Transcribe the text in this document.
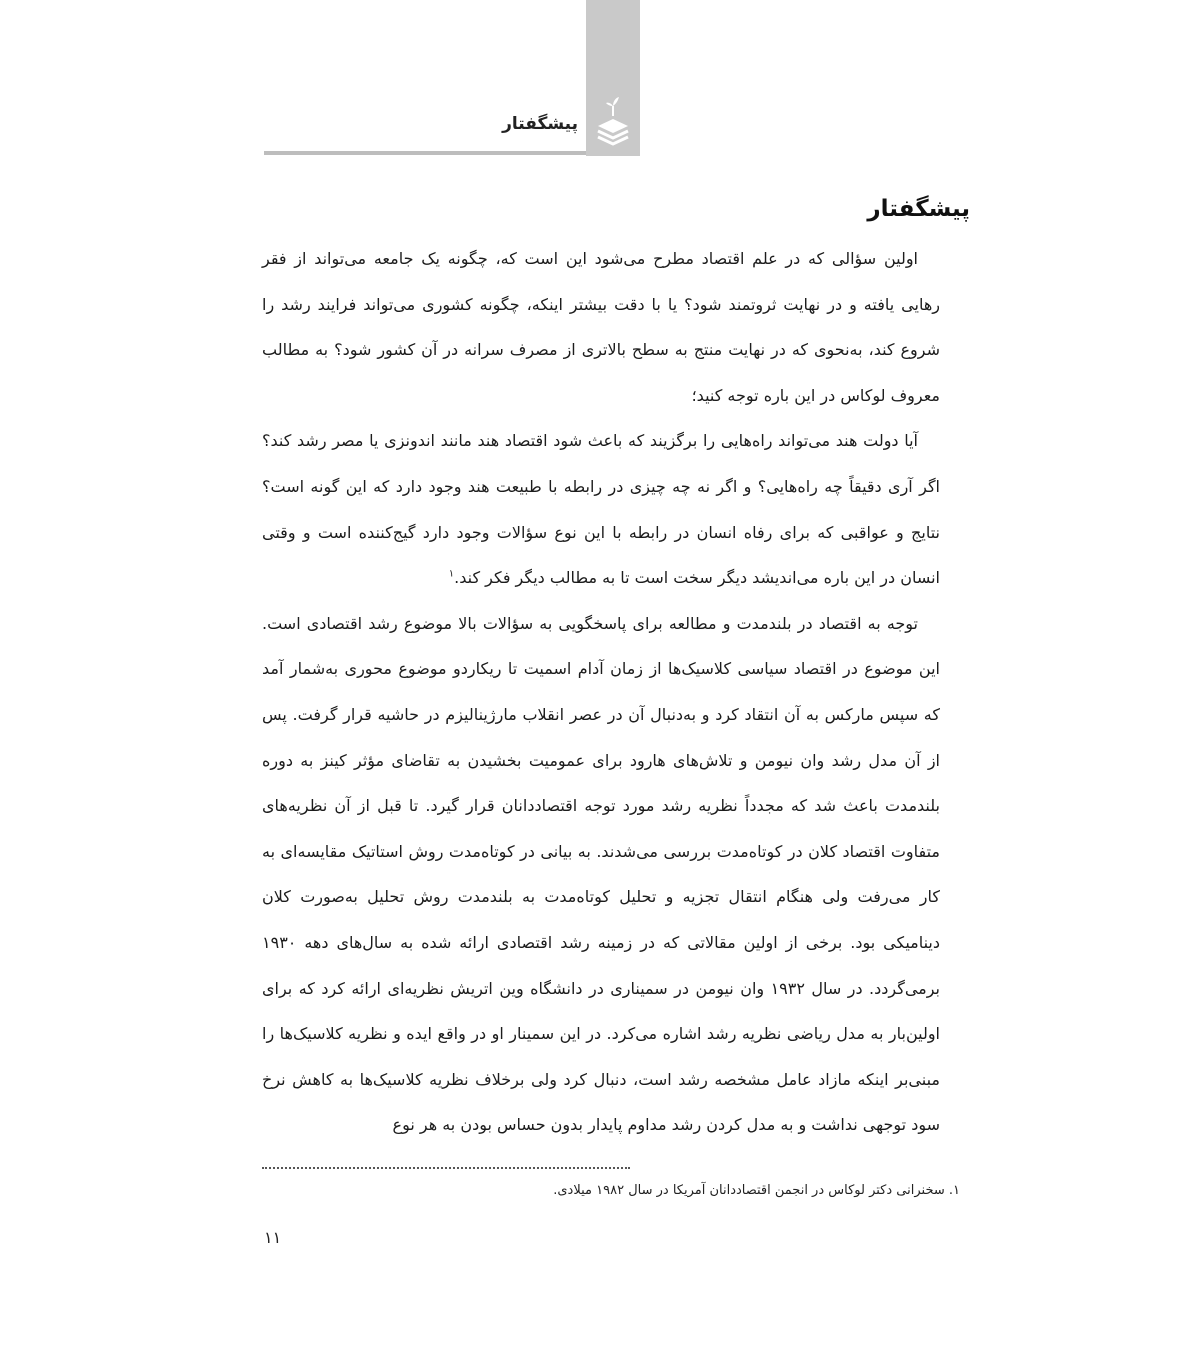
پیشگفتار
پیشگفتار

اولین سؤالی که در علم اقتصاد مطرح می‌شود این است که، چگونه یک جامعه می‌تواند از فقر رهایی یافته و در نهایت ثروتمند شود؟ یا با دقت بیشتر اینکه، چگونه کشوری می‌تواند فرایند رشد را شروع کند، به‌نحوی که در نهایت منتج به سطح بالاتری از مصرف سرانه در آن کشور شود؟ به مطالب معروف لوکاس در این باره توجه کنید؛

آیا دولت هند می‌تواند راه‌هایی را برگزیند که باعث شود اقتصاد هند مانند اندونزی یا مصر رشد کند؟ اگر آری دقیقاً چه راه‌هایی؟ و اگر نه چه چیزی در رابطه با طبیعت هند وجود دارد که این گونه است؟ نتایج و عواقبی که برای رفاه انسان در رابطه با این نوع سؤالات وجود دارد گیج‌کننده است و وقتی انسان در این باره می‌اندیشد دیگر سخت است تا به مطالب دیگر فکر کند.$^۱$

توجه به اقتصاد در بلندمدت و مطالعه برای پاسخگویی به سؤالات بالا موضوع رشد اقتصادی است. این موضوع در اقتصاد سیاسی کلاسیک‌ها از زمان آدام اسمیت تا ریکاردو موضوع محوری به‌شمار آمد که سپس مارکس به آن انتقاد کرد و به‌دنبال آن در عصر انقلاب مارژینالیزم در حاشیه قرار گرفت. پس از آن مدل رشد وان نیومن و تلاش‌های هارود برای عمومیت بخشیدن به تقاضای مؤثر کینز به دوره بلندمدت باعث شد که مجدداً نظریه رشد مورد توجه اقتصاددانان قرار گیرد. تا قبل از آن نظریه‌های متفاوت اقتصاد کلان در کوتاه‌مدت بررسی می‌شدند. به بیانی در کوتاه‌مدت روش استاتیک مقایسه‌ای به کار می‌رفت ولی هنگام انتقال تجزیه و تحلیل کوتاه‌مدت به بلندمدت روش تحلیل به‌صورت کلان دینامیکی بود. برخی از اولین مقالاتی که در زمینه رشد اقتصادی ارائه شده به سال‌های دهه ۱۹۳۰ برمی‌گردد. در سال ۱۹۳۲ وان نیومن در سمیناری در دانشگاه وین اتریش نظریه‌ای ارائه کرد که برای اولین‌بار به مدل ریاضی نظریه رشد اشاره می‌کرد. در این سمینار او در واقع ایده و نظریه کلاسیک‌ها را مبنی‌بر اینکه مازاد عامل مشخصه رشد است، دنبال کرد ولی برخلاف نظریه کلاسیک‌ها به کاهش نرخ سود توجهی نداشت و به مدل کردن رشد مداوم پایدار بدون حساس بودن به هر نوع

۱. سخنرانی دکتر لوکاس در انجمن اقتصاددانان آمریکا در سال ۱۹۸۲ میلادی.
۱۱
